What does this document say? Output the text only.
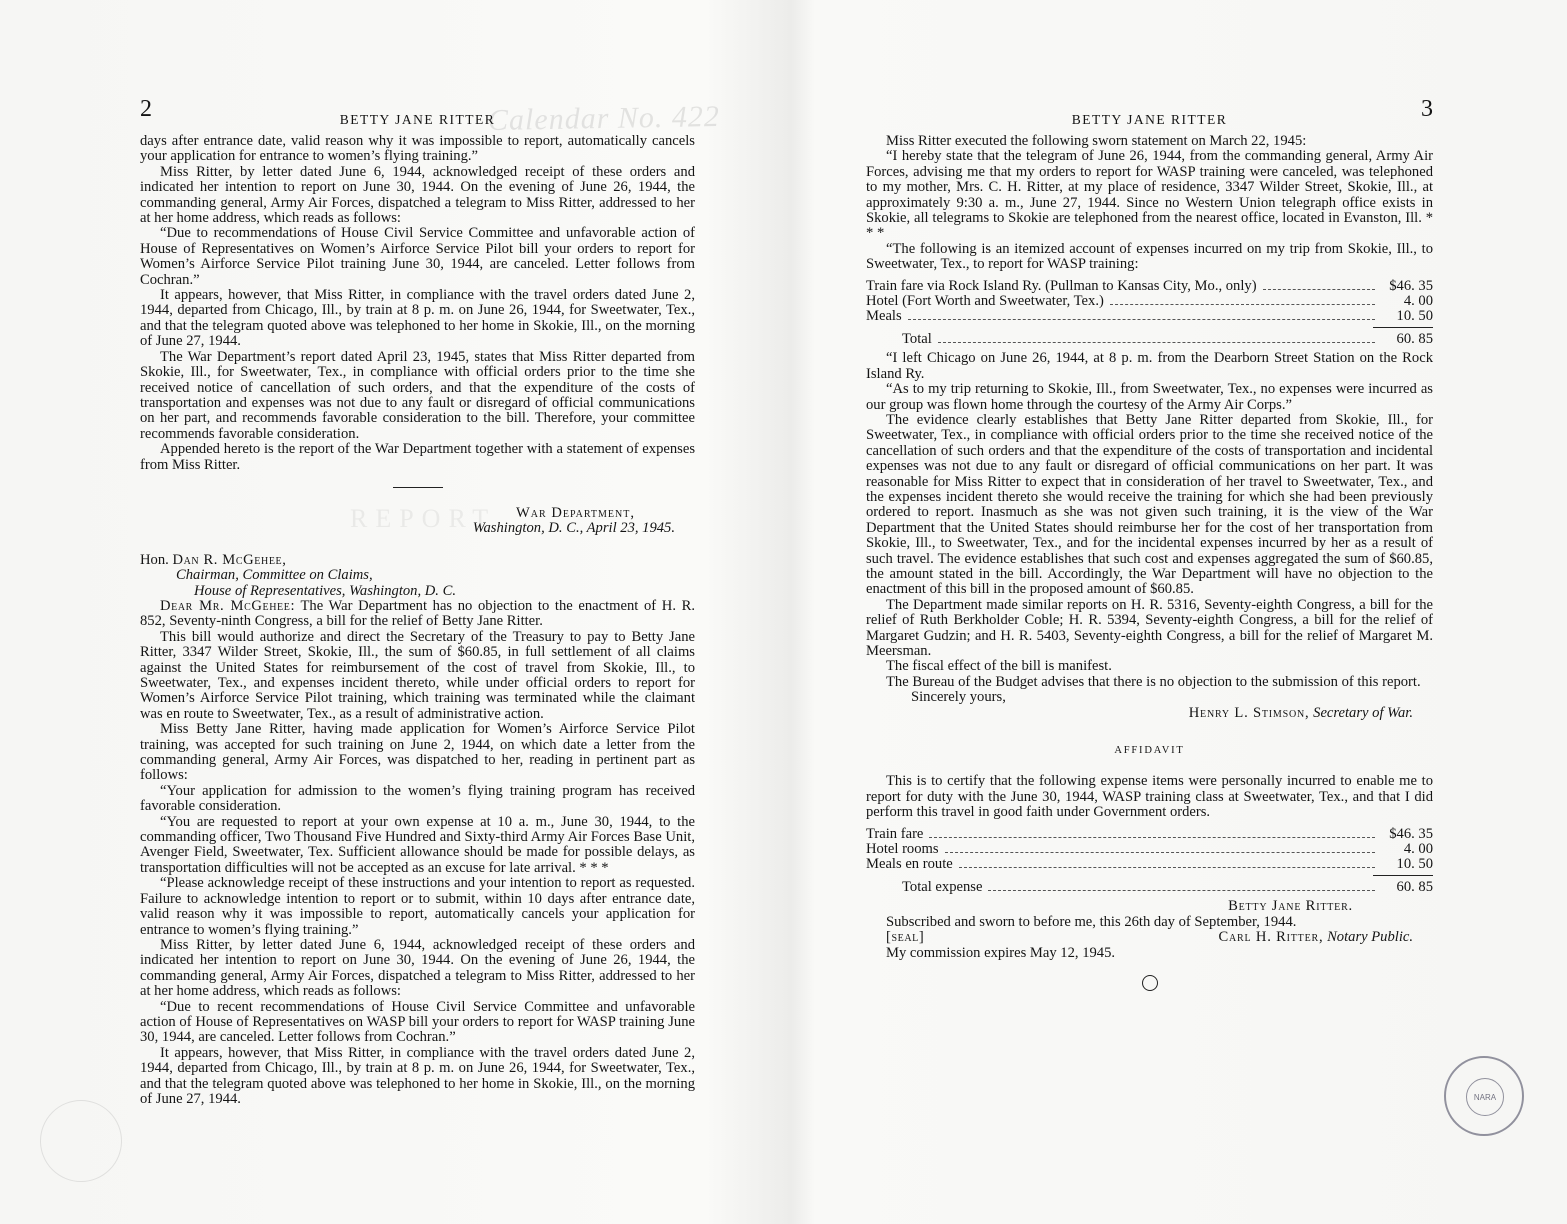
Calendar No. 422
REPORT
2	BETTY JANE RITTER

days after entrance date, valid reason why it was impossible to report, automatically cancels your application for entrance to women’s flying training.”

Miss Ritter, by letter dated June 6, 1944, acknowledged receipt of these orders and indicated her intention to report on June 30, 1944. On the evening of June 26, 1944, the commanding general, Army Air Forces, dispatched a telegram to Miss Ritter, addressed to her at her home address, which reads as follows:

“Due to recommendations of House Civil Service Committee and unfavorable action of House of Representatives on Women’s Airforce Service Pilot bill your orders to report for Women’s Airforce Service Pilot training June 30, 1944, are canceled. Letter follows from Cochran.”

It appears, however, that Miss Ritter, in compliance with the travel orders dated June 2, 1944, departed from Chicago, Ill., by train at 8 p. m. on June 26, 1944, for Sweetwater, Tex., and that the telegram quoted above was telephoned to her home in Skokie, Ill., on the morning of June 27, 1944.

The War Department’s report dated April 23, 1945, states that Miss Ritter departed from Skokie, Ill., for Sweetwater, Tex., in compliance with official orders prior to the time she received notice of cancellation of such orders, and that the expenditure of the costs of transportation and expenses was not due to any fault or disregard of official communications on her part, and recommends favorable consideration to the bill. Therefore, your committee recommends favorable consideration.

Appended hereto is the report of the War Department together with a statement of expenses from Miss Ritter.

War Department,
Washington, D. C., April 23, 1945.
Hon. Dan R. McGehee,
Chairman, Committee on Claims,
House of Representatives, Washington, D. C.

Dear Mr. McGehee: The War Department has no objection to the enactment of H. R. 852, Seventy-ninth Congress, a bill for the relief of Betty Jane Ritter.

This bill would authorize and direct the Secretary of the Treasury to pay to Betty Jane Ritter, 3347 Wilder Street, Skokie, Ill., the sum of $60.85, in full settlement of all claims against the United States for reimbursement of the cost of travel from Skokie, Ill., to Sweetwater, Tex., and expenses incident thereto, while under official orders to report for Women’s Airforce Service Pilot training, which training was terminated while the claimant was en route to Sweetwater, Tex., as a result of administrative action.

Miss Betty Jane Ritter, having made application for Women’s Airforce Service Pilot training, was accepted for such training on June 2, 1944, on which date a letter from the commanding general, Army Air Forces, was dispatched to her, reading in pertinent part as follows:

“Your application for admission to the women’s flying training program has received favorable consideration.

“You are requested to report at your own expense at 10 a. m., June 30, 1944, to the commanding officer, Two Thousand Five Hundred and Sixty-third Army Air Forces Base Unit, Avenger Field, Sweetwater, Tex. Sufficient allowance should be made for possible delays, as transportation difficulties will not be accepted as an excuse for late arrival. * * *

“Please acknowledge receipt of these instructions and your intention to report as requested. Failure to acknowledge intention to report or to submit, within 10 days after entrance date, valid reason why it was impossible to report, automatically cancels your application for entrance to women’s flying training.”

Miss Ritter, by letter dated June 6, 1944, acknowledged receipt of these orders and indicated her intention to report on June 30, 1944. On the evening of June 26, 1944, the commanding general, Army Air Forces, dispatched a telegram to Miss Ritter, addressed to her at her home address, which reads as follows:

“Due to recent recommendations of House Civil Service Committee and unfavorable action of House of Representatives on WASP bill your orders to report for WASP training June 30, 1944, are canceled. Letter follows from Cochran.”

It appears, however, that Miss Ritter, in compliance with the travel orders dated June 2, 1944, departed from Chicago, Ill., by train at 8 p. m. on June 26, 1944, for Sweetwater, Tex., and that the telegram quoted above was telephoned to her home in Skokie, Ill., on the morning of June 27, 1944.

BETTY JANE RITTER	3

Miss Ritter executed the following sworn statement on March 22, 1945:

“I hereby state that the telegram of June 26, 1944, from the commanding general, Army Air Forces, advising me that my orders to report for WASP training were canceled, was telephoned to my mother, Mrs. C. H. Ritter, at my place of residence, 3347 Wilder Street, Skokie, Ill., at approximately 9:30 a. m., June 27, 1944. Since no Western Union telegraph office exists in Skokie, all telegrams to Skokie are telephoned from the nearest office, located in Evanston, Ill. * * *

“The following is an itemized account of expenses incurred on my trip from Skokie, Ill., to Sweetwater, Tex., to report for WASP training:

Train fare via Rock Island Ry. (Pullman to Kansas City, Mo., only)	$46. 35
Hotel (Fort Worth and Sweetwater, Tex.)	4. 00
Meals	10. 50
Total	60. 85

“I left Chicago on June 26, 1944, at 8 p. m. from the Dearborn Street Station on the Rock Island Ry.

“As to my trip returning to Skokie, Ill., from Sweetwater, Tex., no expenses were incurred as our group was flown home through the courtesy of the Army Air Corps.”

The evidence clearly establishes that Betty Jane Ritter departed from Skokie, Ill., for Sweetwater, Tex., in compliance with official orders prior to the time she received notice of the cancellation of such orders and that the expenditure of the costs of transportation and incidental expenses was not due to any fault or disregard of official communications on her part. It was reasonable for Miss Ritter to expect that in consideration of her travel to Sweetwater, Tex., and the expenses incident thereto she would receive the training for which she had been previously ordered to report. Inasmuch as she was not given such training, it is the view of the War Department that the United States should reimburse her for the cost of her transportation from Skokie, Ill., to Sweetwater, Tex., and for the incidental expenses incurred by her as a result of such travel. The evidence establishes that such cost and expenses aggregated the sum of $60.85, the amount stated in the bill. Accordingly, the War Department will have no objection to the enactment of this bill in the proposed amount of $60.85.

The Department made similar reports on H. R. 5316, Seventy-eighth Congress, a bill for the relief of Ruth Berkholder Coble; H. R. 5394, Seventy-eighth Congress, a bill for the relief of Margaret Gudzin; and H. R. 5403, Seventy-eighth Congress, a bill for the relief of Margaret M. Meersman.

The fiscal effect of the bill is manifest.

The Bureau of the Budget advises that there is no objection to the submission of this report.

Sincerely yours,
Henry L. Stimson, Secretary of War.
AFFIDAVIT

This is to certify that the following expense items were personally incurred to enable me to report for duty with the June 30, 1944, WASP training class at Sweetwater, Tex., and that I did perform this travel in good faith under Government orders.

Train fare	$46. 35
Hotel rooms	4. 00
Meals en route	10. 50
Total expense	60. 85
Betty Jane Ritter.

Subscribed and sworn to before me, this 26th day of September, 1944.

[seal]	Carl H. Ritter, Notary Public.

My commission expires May 12, 1945.

NARA
